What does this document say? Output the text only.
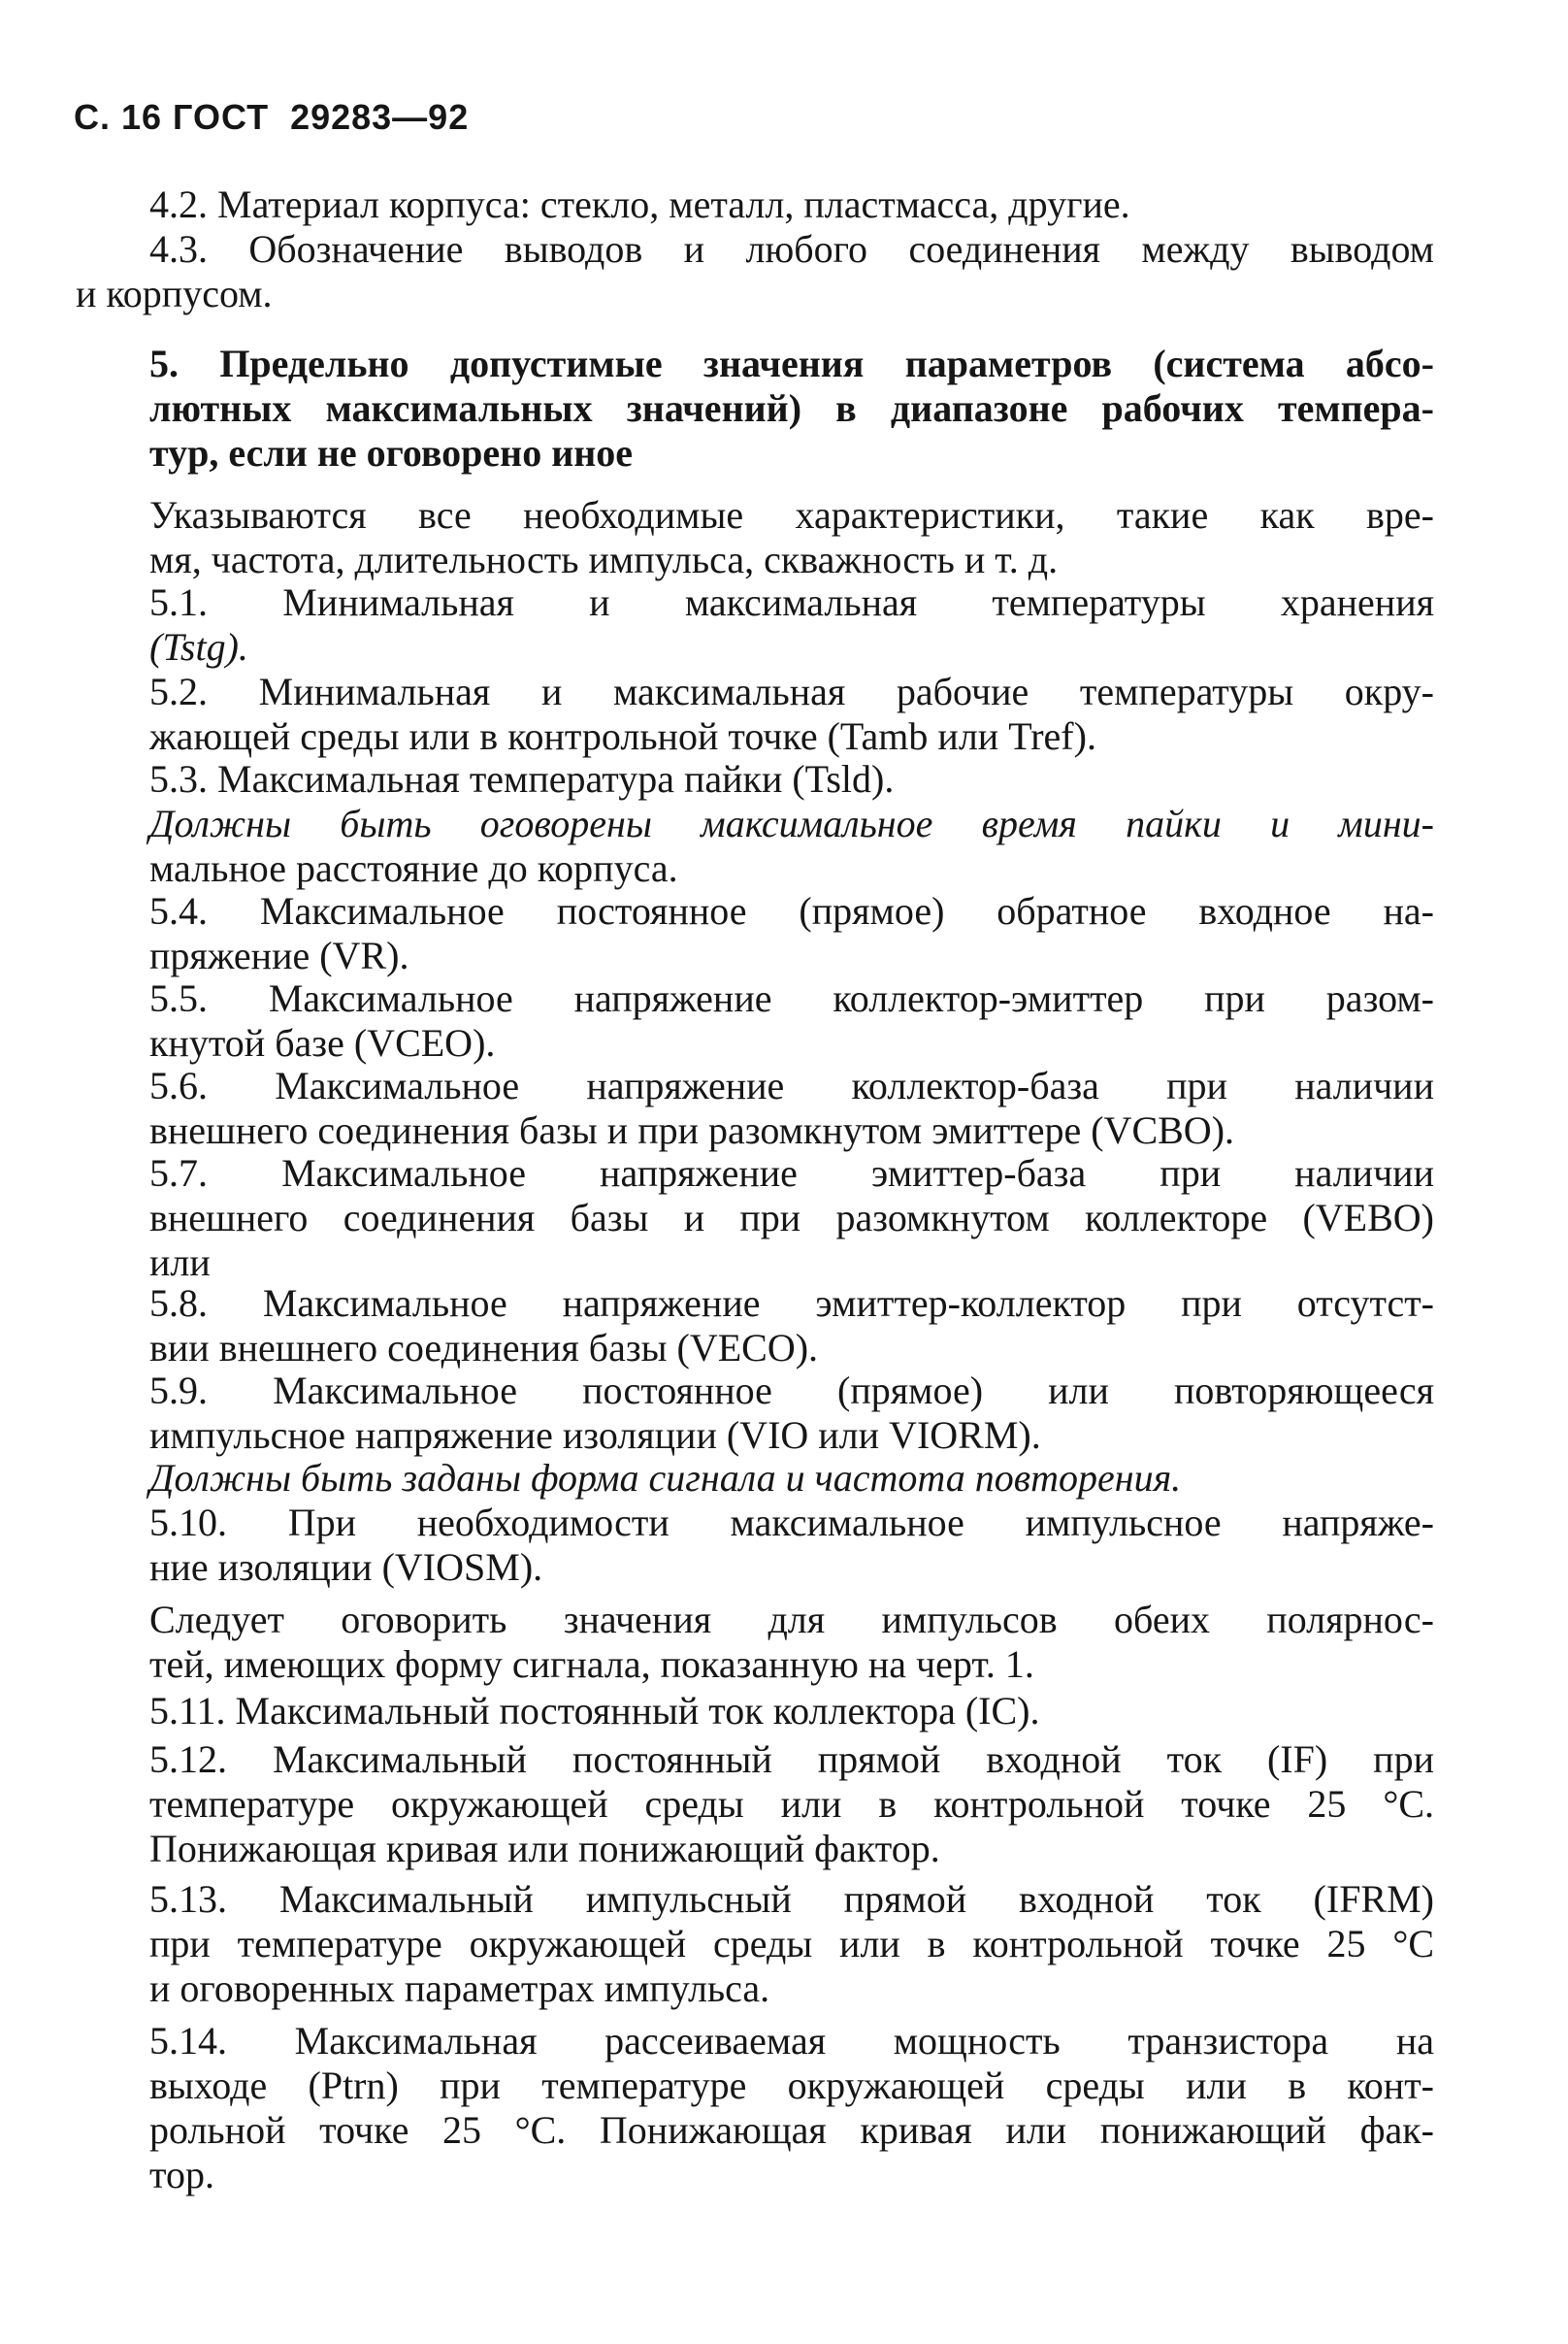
С. 16 ГОСТ  29283—92

4.2. Материал корпуса: стекло, металл, пластмасса, другие.

4.3. Обозначение выводов и любого соединения между выводом
и корпусом.

5. Предельно допустимые значения параметров (система абсо-
лютных максимальных значений) в диапазоне рабочих темпера-
тур, если не оговорено иное

Указываются все необходимые характеристики, такие как вре-
мя, частота, длительность импульса, скважность и т. д.

5.1. Минимальная и максимальная температуры хранения
(Tstg).

5.2. Минимальная и максимальная рабочие температуры окру-
жающей среды или в контрольной точке (Tamb или Tref).

5.3. Максимальная температура пайки (Tsld).

Должны быть оговорены максимальное время пайки и мини-
мальное расстояние до корпуса.

5.4. Максимальное постоянное (прямое) обратное входное на-
пряжение (VR).

5.5. Максимальное напряжение коллектор-эмиттер при разом-
кнутой базе (VCEO).

5.6. Максимальное напряжение коллектор-база при наличии
внешнего соединения базы и при разомкнутом эмиттере (VCBO).

5.7. Максимальное напряжение эмиттер-база при наличии
внешнего соединения базы и при разомкнутом коллекторе (VEBO)
или

5.8. Максимальное напряжение эмиттер-коллектор при отсутст-
вии внешнего соединения базы (VECO).

5.9. Максимальное постоянное (прямое) или повторяющееся
импульсное напряжение изоляции (VIO или VIORM).

Должны быть заданы форма сигнала и частота повторения.

5.10. При необходимости максимальное импульсное напряже-
ние изоляции (VIOSM).

Следует оговорить значения для импульсов обеих полярнос-
тей, имеющих форму сигнала, показанную на черт. 1.

5.11. Максимальный постоянный ток коллектора (IC).

5.12. Максимальный постоянный прямой входной ток (IF) при
температуре окружающей среды или в контрольной точке 25 °С.
Понижающая кривая или понижающий фактор.

5.13. Максимальный импульсный прямой входной ток (IFRM)
при температуре окружающей среды или в контрольной точке 25 °С
и оговоренных параметрах импульса.

5.14. Максимальная рассеиваемая мощность транзистора на
выходе (Ptrn) при температуре окружающей среды или в конт-
рольной точке 25 °С. Понижающая кривая или понижающий фак-
тор.
